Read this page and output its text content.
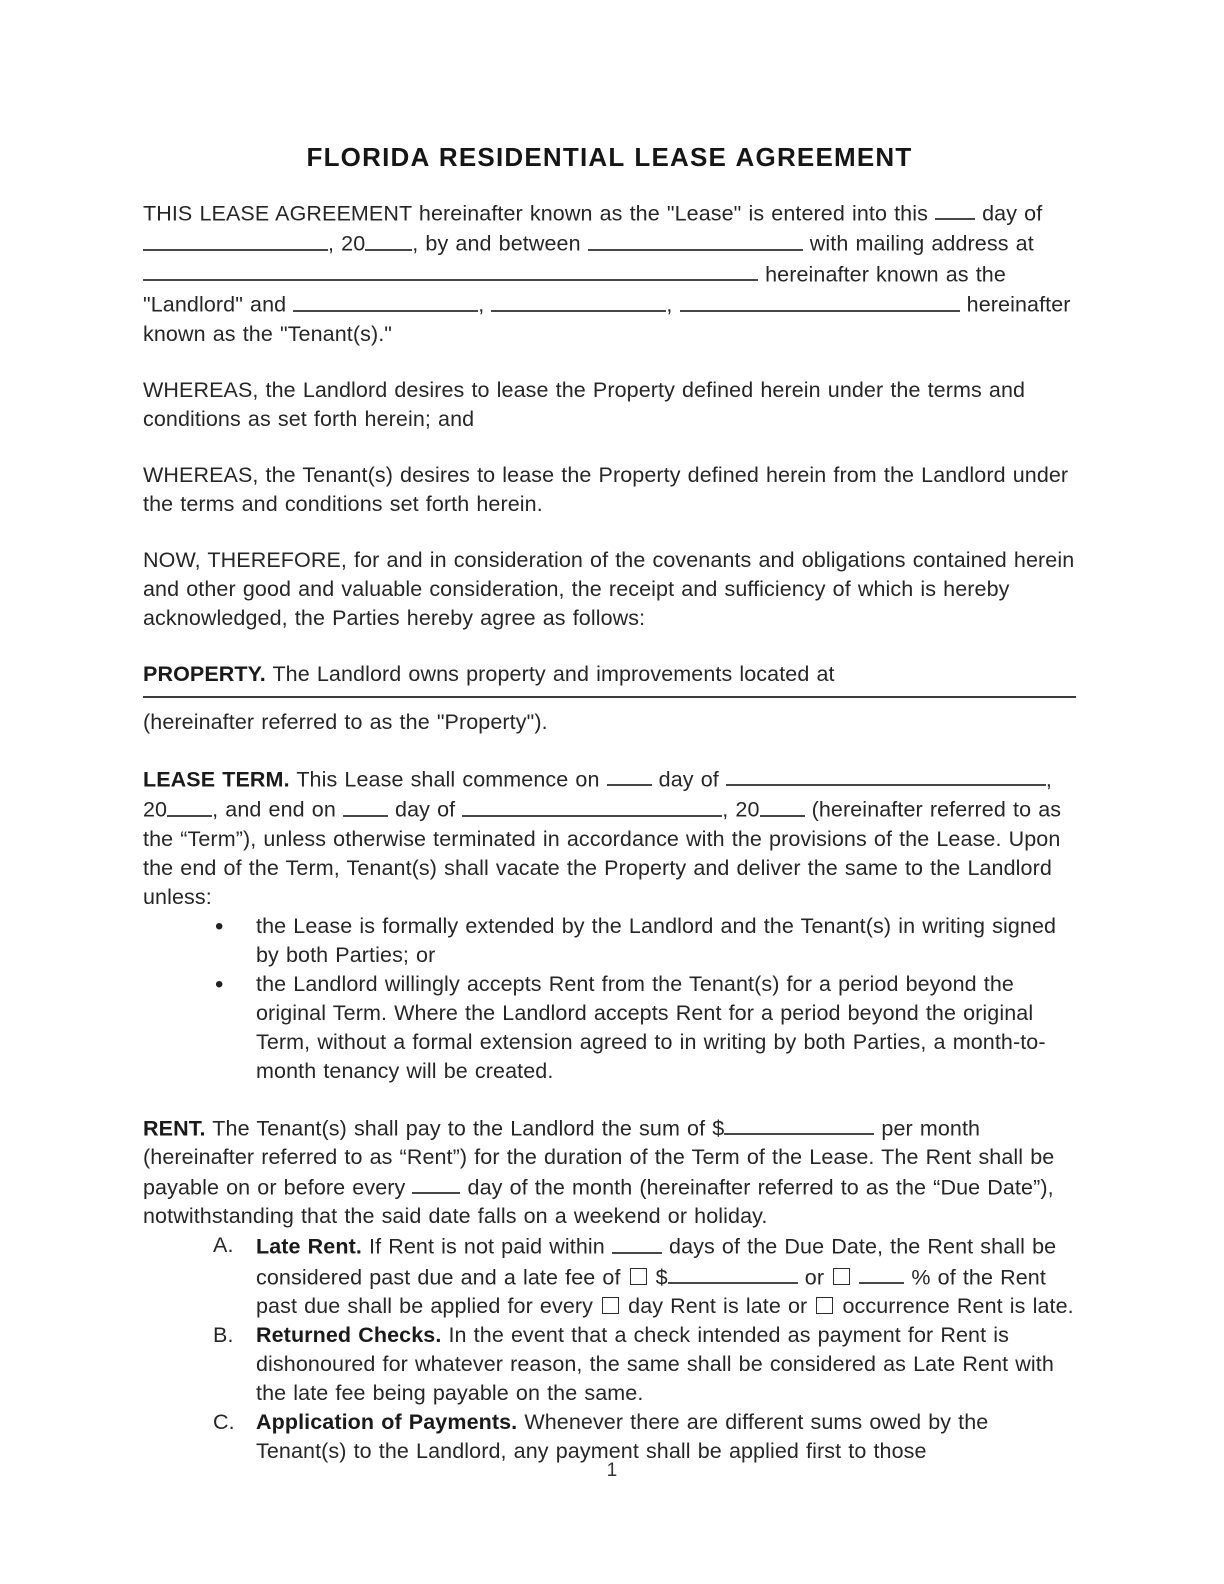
FLORIDA RESIDENTIAL LEASE AGREEMENT

THIS LEASE AGREEMENT hereinafter known as the "Lease" is entered into this  day of , 20 , by and between	with mailing address at  hereinafter known as the "Landlord" and	,	,	hereinafter known as the "Tenant(s)."

WHEREAS, the Landlord desires to lease the Property defined herein under the terms and conditions as set forth herein; and

WHEREAS, the Tenant(s) desires to lease the Property defined herein from the Landlord under the terms and conditions set forth herein.

NOW, THEREFORE, for and in consideration of the covenants and obligations contained herein and other good and valuable consideration, the receipt and sufficiency of which is hereby acknowledged, the Parties hereby agree as follows:

PROPERTY. The Landlord owns property and improvements located at

(hereinafter referred to as the "Property").

LEASE TERM. This Lease shall commence on  day of	, 20 , and end on  day of	, 20 (hereinafter referred to as the “Term”), unless otherwise terminated in accordance with the provisions of the Lease. Upon the end of the Term, Tenant(s) shall vacate the Property and deliver the same to the Landlord unless:

• the Lease is formally extended by the Landlord and the Tenant(s) in writing signed by both Parties; or
• the Landlord willingly accepts Rent from the Tenant(s) for a period beyond the original Term. Where the Landlord accepts Rent for a period beyond the original Term, without a formal extension agreed to in writing by both Parties, a month-to-month tenancy will be created.

RENT. The Tenant(s) shall pay to the Landlord the sum of $	per month (hereinafter referred to as “Rent”) for the duration of the Term of the Lease. The Rent shall be payable on or before every  day of the month (hereinafter referred to as the “Due Date”), notwithstanding that the said date falls on a weekend or holiday.

A.	Late Rent. If Rent is not paid within  days of the Due Date, the Rent shall be considered past due and a late fee of  $	or	% of the Rent past due shall be applied for every  day Rent is late or  occurrence Rent is late.
B.	Returned Checks. In the event that a check intended as payment for Rent is dishonoured for whatever reason, the same shall be considered as Late Rent with the late fee being payable on the same.
C. Application of Payments. Whenever there are different sums owed by the Tenant(s) to the Landlord, any payment shall be applied first to those
1
